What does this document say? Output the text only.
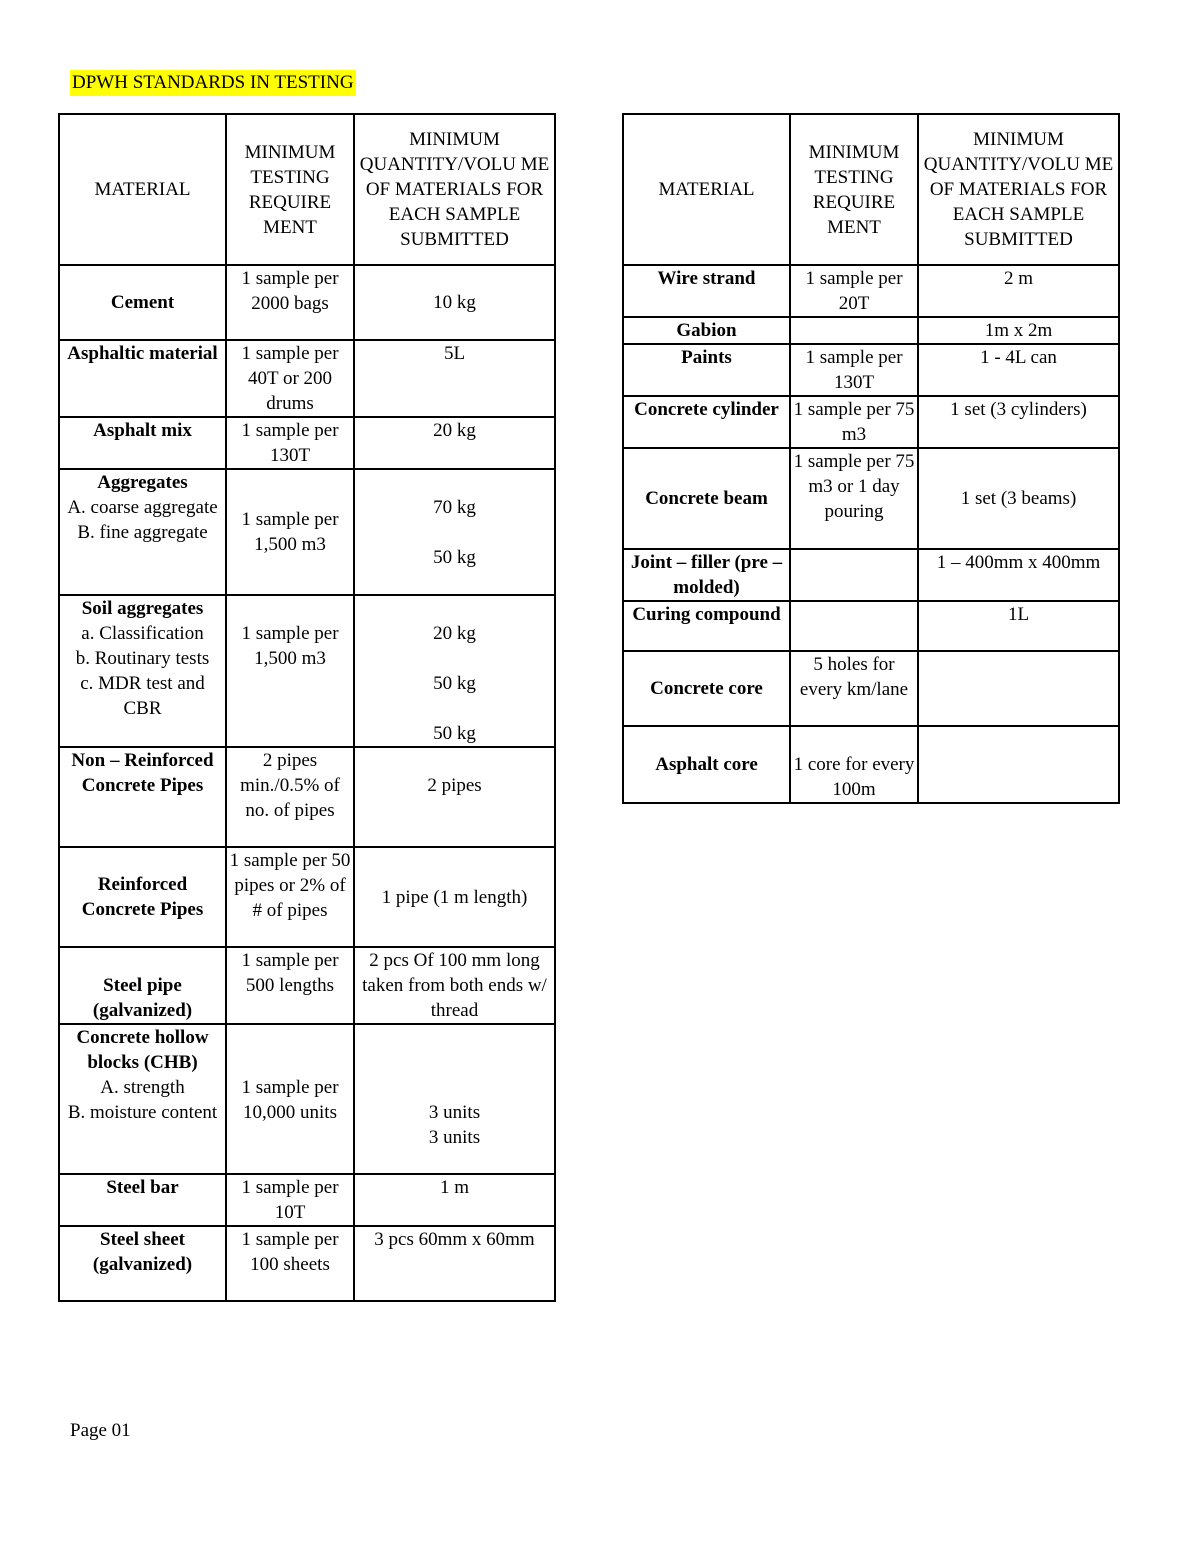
DPWH STANDARDS IN TESTING
MATERIAL	MINIMUM TESTING REQUIRE MENT	MINIMUM QUANTITY/VOLU ME OF MATERIALS FOR EACH SAMPLE SUBMITTED

Cement	1 sample per 2000 bags	10 kg

Asphaltic material	1 sample per 40T or 200 drums	5L

Asphalt mix	1 sample per 130T	20 kg

Aggregates
A. coarse aggregate
B. fine aggregate	1 sample per 1,500 m3	70 kg
50 kg

Soil aggregates
a. Classification
b. Routinary tests
c. MDR test and CBR	1 sample per 1,500 m3	20 kg
50 kg
50 kg

Non – Reinforced Concrete Pipes	2 pipes min./0.5% of no. of pipes	2 pipes

Reinforced Concrete Pipes	1 sample per 50 pipes or 2% of # of pipes	1 pipe (1 m length)

Steel pipe (galvanized)	1 sample per 500 lengths	2 pcs Of 100 mm long taken from both ends w/ thread

Concrete hollow blocks (CHB)
A. strength
B. moisture content	1 sample per 10,000 units	3 units
3 units

Steel bar	1 sample per 10T	1 m

Steel sheet (galvanized)	1 sample per 100 sheets	3 pcs 60mm x 60mm
MATERIAL	MINIMUM TESTING REQUIRE MENT	MINIMUM QUANTITY/VOLU ME OF MATERIALS FOR EACH SAMPLE SUBMITTED

Wire strand	1 sample per 20T	2 m

Gabion		1m x 2m

Paints	1 sample per 130T	1 - 4L can

Concrete cylinder	1 sample per 75 m3	1 set (3 cylinders)

Concrete beam	1 sample per 75 m3 or 1 day pouring	1 set (3 beams)

Joint – filler (pre – molded)		1 – 400mm x 400mm

Curing compound		1L

Concrete core	5 holes for every km/lane	

Asphalt core	1 core for every 100m	
Page 01
